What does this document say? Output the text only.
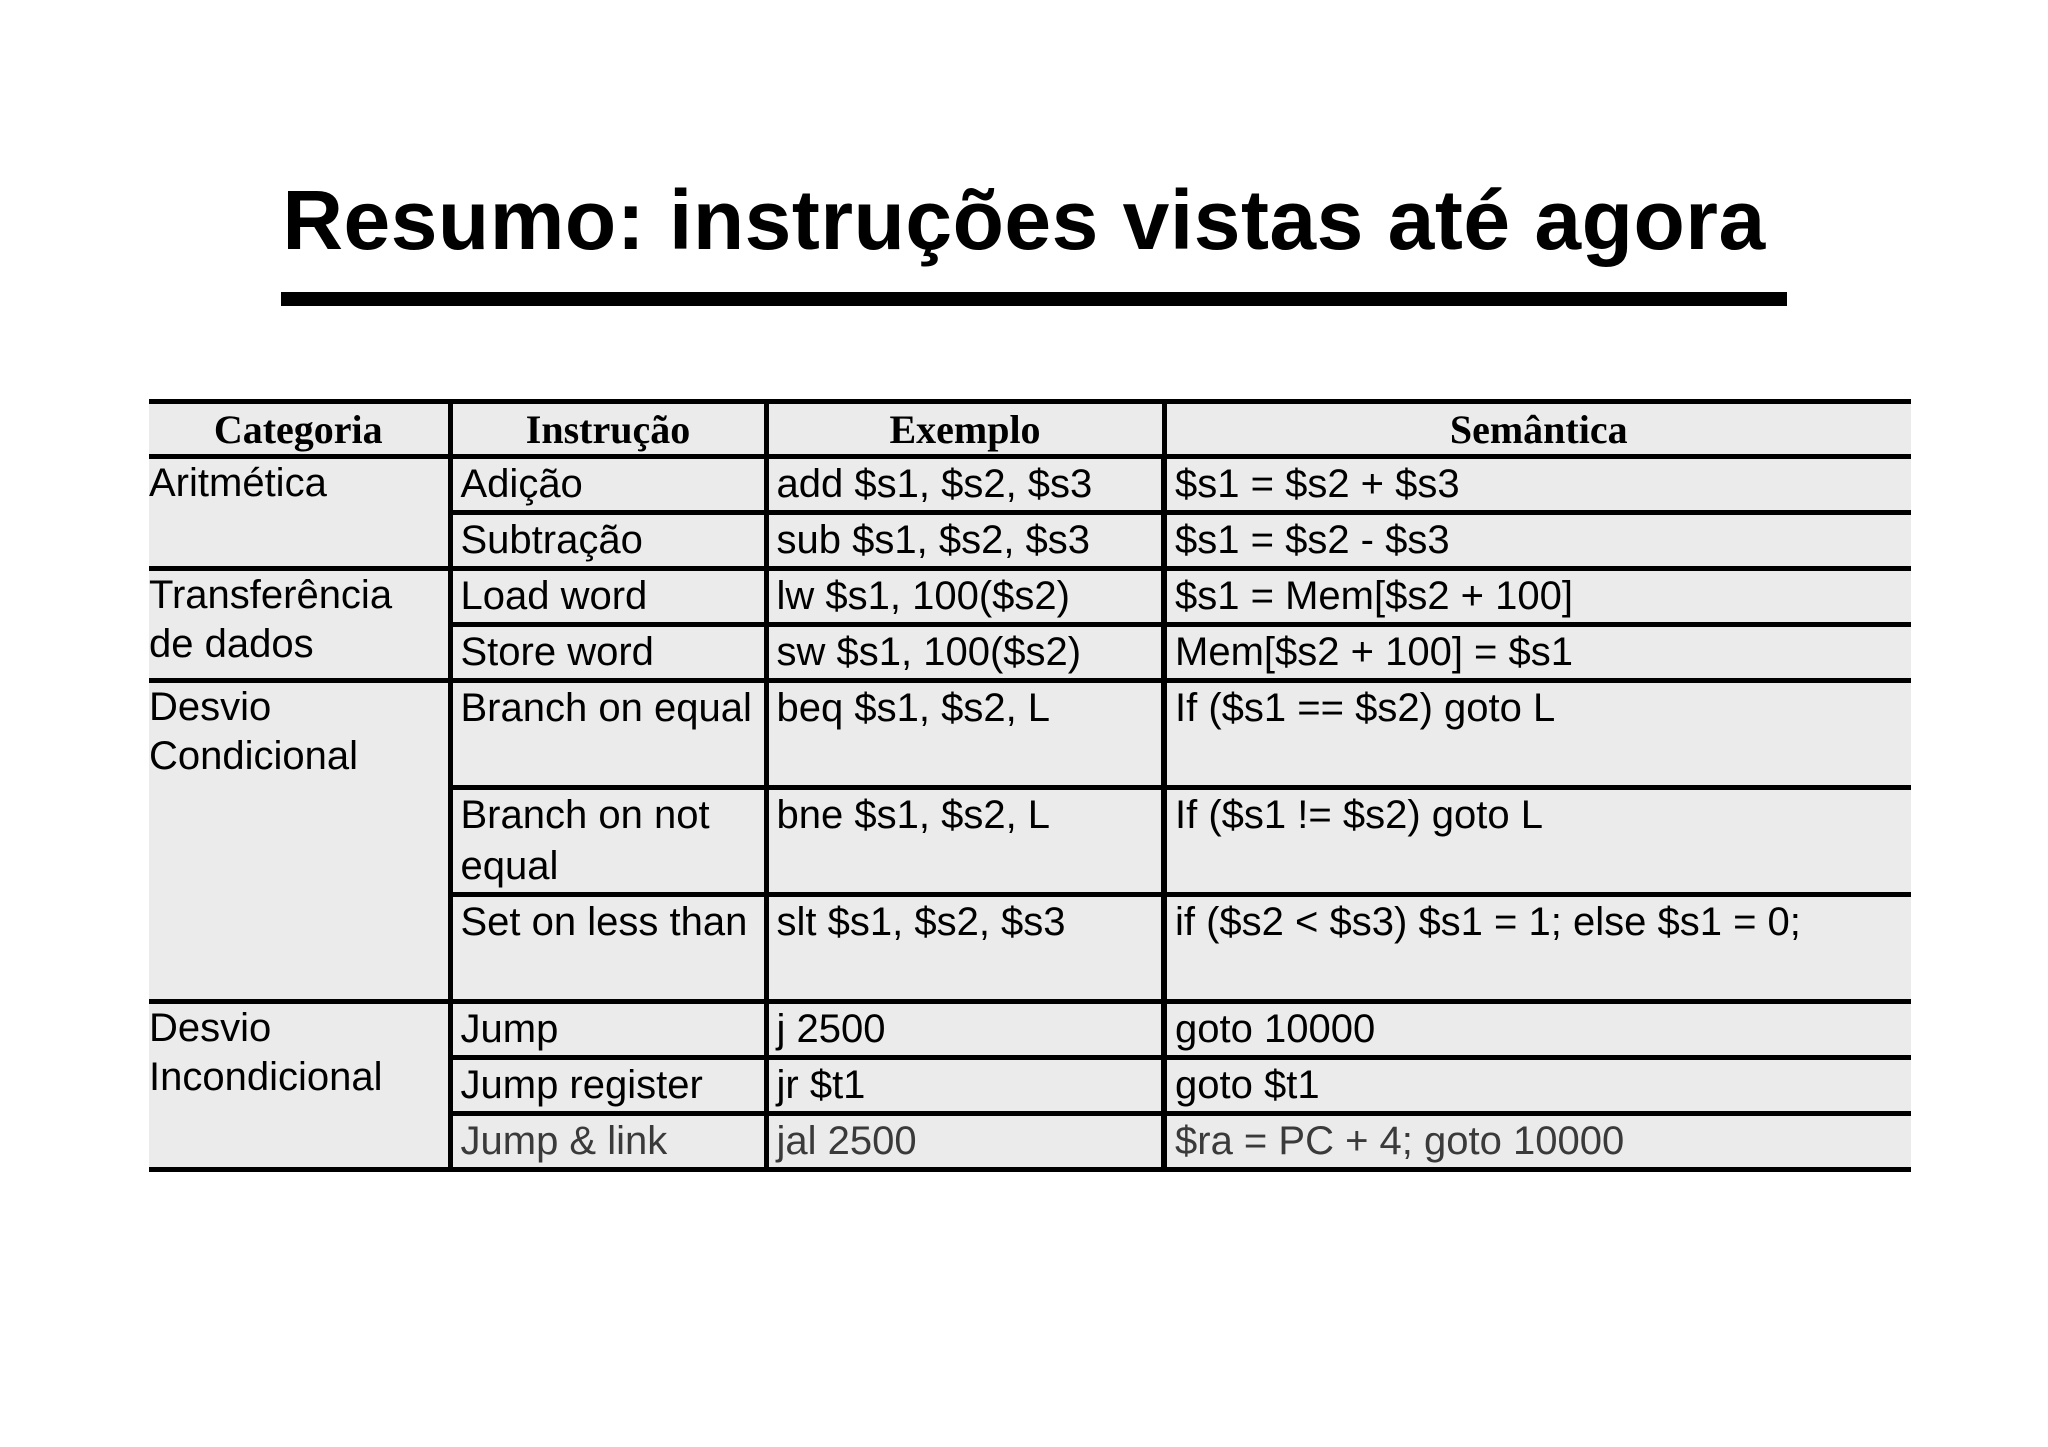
Resumo: instruções vistas até agora
Categoria	Instrução	Exemplo	Semântica
Aritmética	Adição	add $s1, $s2, $s3	$s1 = $s2 + $s3
	Subtração	sub $s1, $s2, $s3	$s1 = $s2 - $s3
Transferência de dados	Load word	lw $s1, 100($s2)	$s1 = Mem[$s2 + 100]
	Store word	sw $s1, 100($s2)	Mem[$s2 + 100] = $s1
Desvio Condicional	Branch on equal	beq $s1, $s2, L	If ($s1 == $s2) goto L
	Branch on not equal	bne $s1, $s2, L	If ($s1 != $s2) goto L
	Set on less than	slt $s1, $s2, $s3	if ($s2 < $s3) $s1 = 1; else $s1 = 0;
Desvio Incondicional	Jump	j 2500	goto 10000
	Jump register	jr $t1	goto $t1
	Jump & link	jal 2500	$ra = PC + 4; goto 10000
